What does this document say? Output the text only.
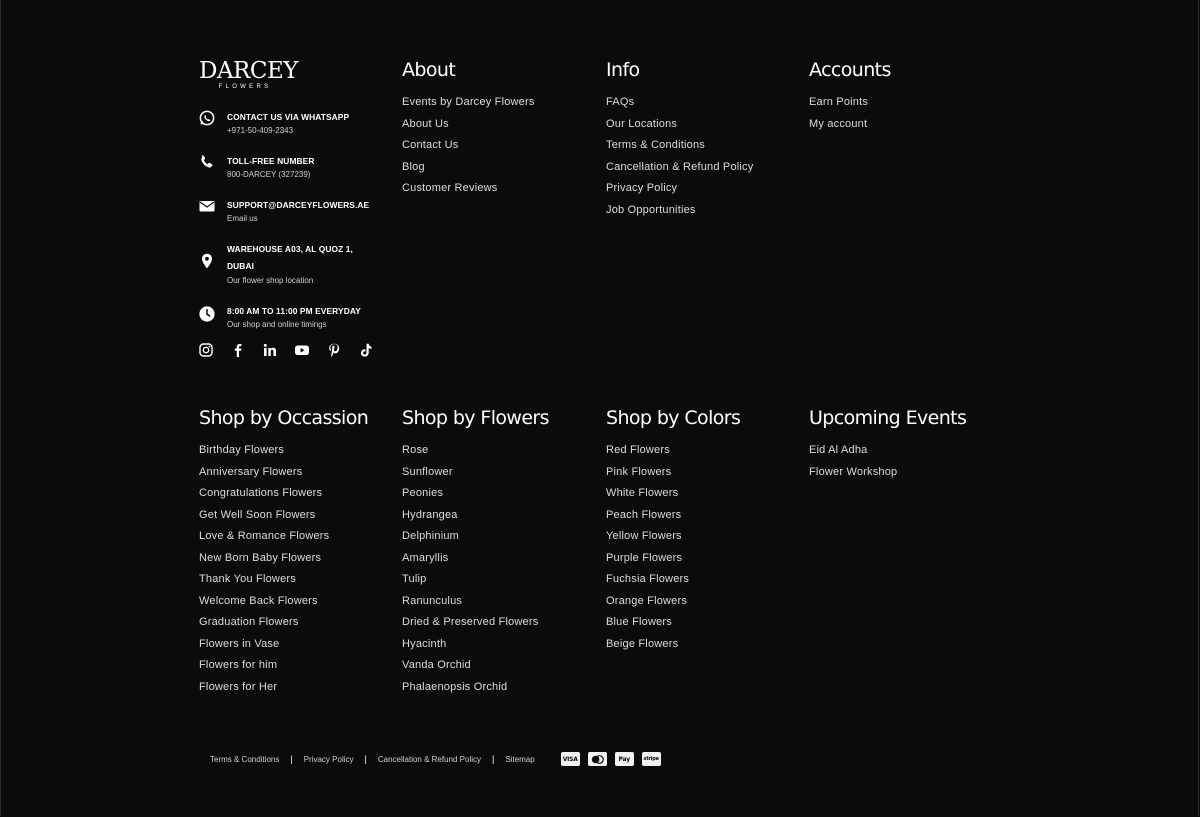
DARCEY
FLOWERS
CONTACT US VIA WHATSAPP
+971-50-409-2343
TOLL-FREE NUMBER
800-DARCEY (327239)
SUPPORT@DARCEYFLOWERS.AE
Email us
WAREHOUSE A03, AL QUOZ 1, DUBAI
Our flower shop location
8:00 AM TO 11:00 PM EVERYDAY
Our shop and online timings
About
Events by Darcey Flowers
About Us
Contact Us
Blog
Customer Reviews
Info
FAQs
Our Locations
Terms & Conditions
Cancellation & Refund Policy
Privacy Policy
Job Opportunities
Accounts
Earn Points
My account
Shop by Occassion
Birthday Flowers
Anniversary Flowers
Congratulations Flowers
Get Well Soon Flowers
Love & Romance Flowers
New Born Baby Flowers
Thank You Flowers
Welcome Back Flowers
Graduation Flowers
Flowers in Vase
Flowers for him
Flowers for Her
Shop by Flowers
Rose
Sunflower
Peonies
Hydrangea
Delphinium
Amaryllis
Tulip
Ranunculus
Dried & Preserved Flowers
Hyacinth
Vanda Orchid
Phalaenopsis Orchid
Shop by Colors
Red Flowers
Pink Flowers
White Flowers
Peach Flowers
Yellow Flowers
Purple Flowers
Fuchsia Flowers
Orange Flowers
Blue Flowers
Beige Flowers
Upcoming Events
Eid Al Adha
Flower Workshop
Terms & Conditions | Privacy Policy | Cancellation & Refund Policy | Sitemap	VISA	Pay	stripe
